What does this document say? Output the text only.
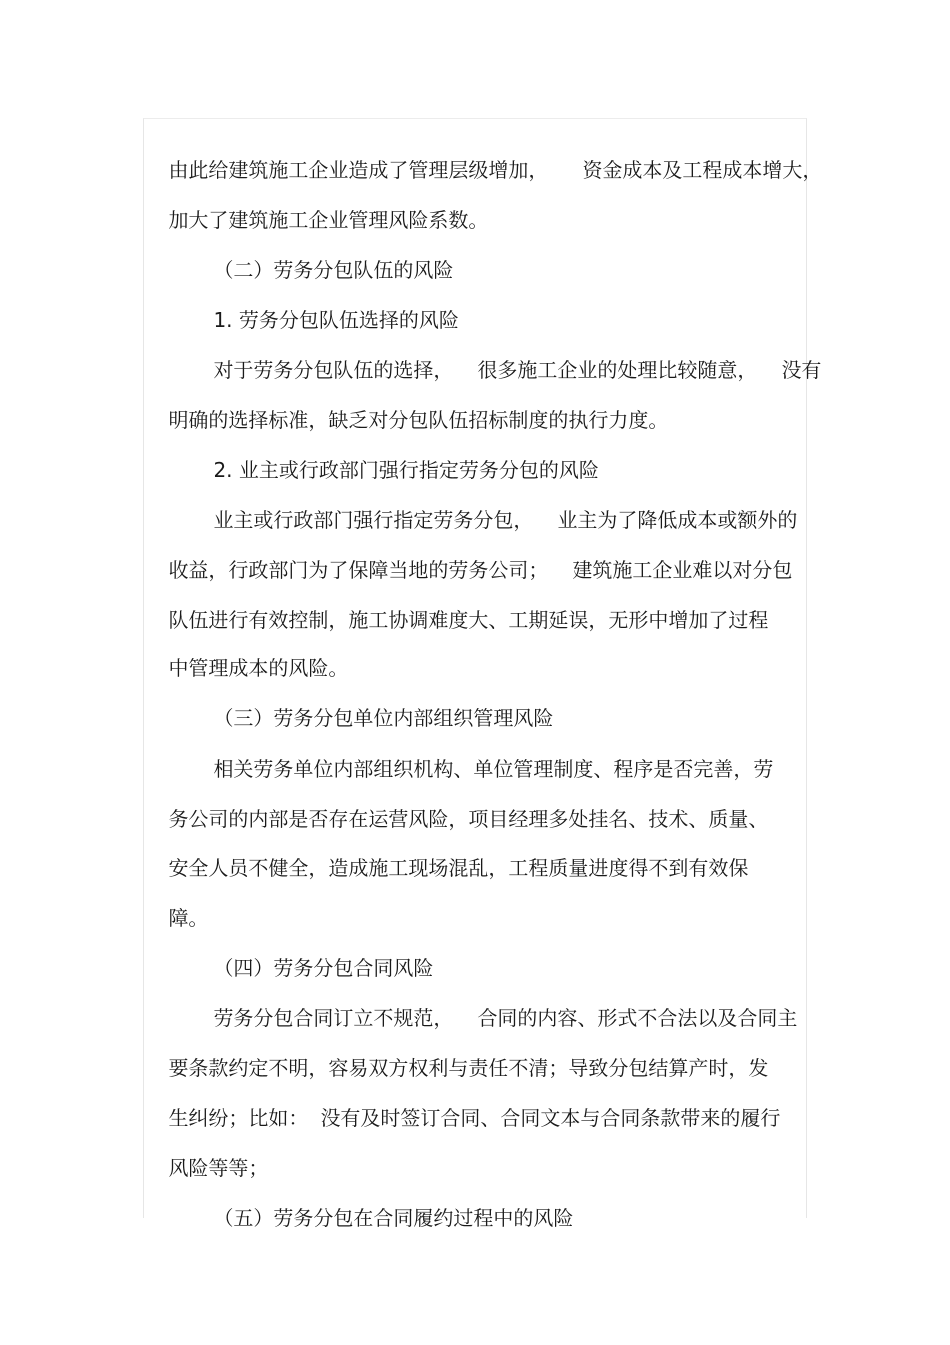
由此给建筑施工企业造成了管理层级增加， 资金成本及工程成本增大，

加大了建筑施工企业管理风险系数。

（二）劳务分包队伍的风险

1. 劳务分包队伍选择的风险

对于劳务分包队伍的选择， 很多施工企业的处理比较随意， 没有

明确的选择标准，缺乏对分包队伍招标制度的执行力度。

2. 业主或行政部门强行指定劳务分包的风险

业主或行政部门强行指定劳务分包， 业主为了降低成本或额外的

收益，行政部门为了保障当地的劳务公司； 建筑施工企业难以对分包

队伍进行有效控制，施工协调难度大、工期延误，无形中增加了过程

中管理成本的风险。

（三）劳务分包单位内部组织管理风险

相关劳务单位内部组织机构、单位管理制度、程序是否完善，劳

务公司的内部是否存在运营风险，项目经理多处挂名、技术、质量、

安全人员不健全，造成施工现场混乱，工程质量进度得不到有效保

障。

（四）劳务分包合同风险

劳务分包合同订立不规范， 合同的内容、形式不合法以及合同主

要条款约定不明，容易双方权利与责任不清；导致分包结算产时，发

生纠纷；比如： 没有及时签订合同、合同文本与合同条款带来的履行

风险等等；

（五）劳务分包在合同履约过程中的风险
